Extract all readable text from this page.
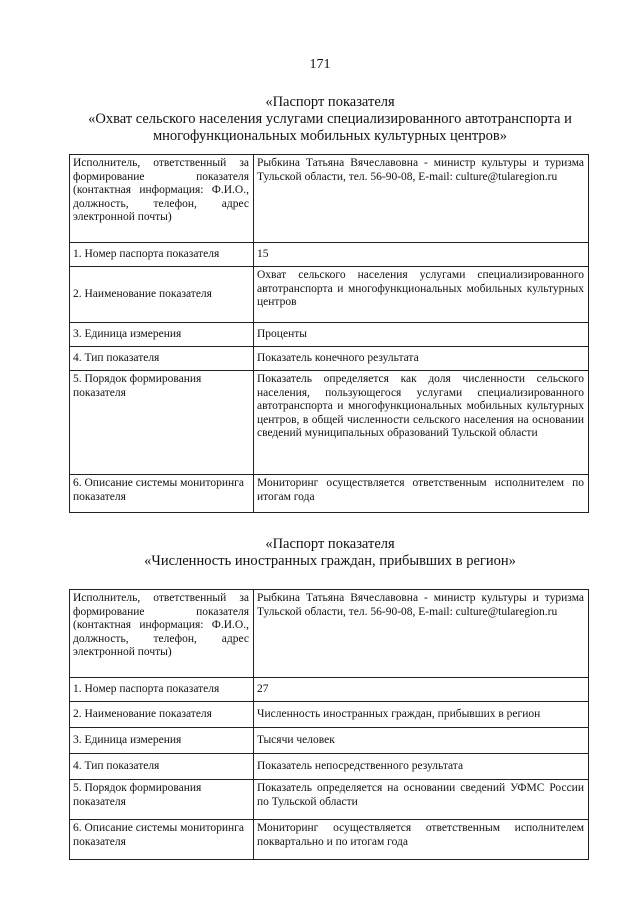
171
«Паспорт показателя
«Охват сельского населения услугами специализированного автотранспорта и
многофункциональных мобильных культурных центров»
Исполнитель, ответственный за формирование показателя (контактная информация: Ф.И.О., должность, телефон, адрес электронной почты)	Рыбкина Татьяна Вячеславовна - министр культуры и туризма Тульской области, тел. 56-90-08, E-mail: culture@tularegion.ru
1. Номер паспорта показателя	15
2. Наименование показателя	Охват сельского населения услугами специализированного автотранспорта и многофункциональных мобильных культурных центров
3. Единица измерения	Проценты
4. Тип показателя	Показатель конечного результата
5. Порядок формирования показателя	Показатель определяется как доля численности сельского населения, пользующегося услугами специализированного автотранспорта и многофункциональных мобильных культурных центров, в общей численности сельского населения на основании сведений муниципальных образований Тульской области
6. Описание системы мониторинга показателя	Мониторинг осуществляется ответственным исполнителем по итогам года
«Паспорт показателя
«Численность иностранных граждан, прибывших в регион»
Исполнитель, ответственный за формирование показателя (контактная информация: Ф.И.О., должность, телефон, адрес электронной почты)	Рыбкина Татьяна Вячеславовна - министр культуры и туризма Тульской области, тел. 56-90-08, E-mail: culture@tularegion.ru
1. Номер паспорта показателя	27
2. Наименование показателя	Численность иностранных граждан, прибывших в регион
3. Единица измерения	Тысячи человек
4. Тип показателя	Показатель непосредственного результата
5. Порядок формирования показателя	Показатель определяется на основании сведений УФМС России по Тульской области
6. Описание системы мониторинга показателя	Мониторинг осуществляется ответственным исполнителем поквартально и по итогам года
